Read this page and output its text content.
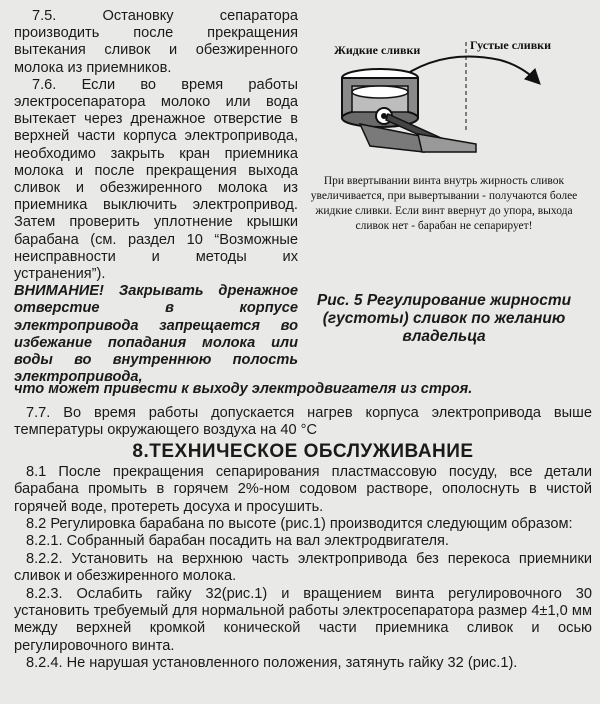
7.5. Остановку сепаратора производить после прекращения вытекания сливок и обезжиренного молока из приемников.

7.6. Если во время работы электросепаратора молоко или вода вытекает через дренажное отверстие в верхней части корпуса электропривода, необходимо закрыть кран приемника молока и после прекращения выхода сливок и обезжиренного молока из приемника выключить электропривод. Затем проверить уплотнение крышки барабана (см. раздел 10 “Возможные неисправности и методы их устранения”).

ВНИМАНИЕ! Закрывать дренажное отверстие в корпусе электропривода запрещается во избежание попадания молока или воды во внутреннюю полость электропривода,

Жидкие сливки	Густые сливки
При ввертывании винта внутрь жирность сливок увеличивается, при вывертывании - получаются более жидкие сливки. Если винт ввернут до упора, выхода сливок нет - барабан не сепарирует!
Рис. 5 Регулирование жирности (густоты) сливок по желанию владельца

что может привести к выходу электродвигателя из строя.

7.7. Во время работы допускается нагрев корпуса электропривода выше температуры окружающего воздуха на 40 °С

8.ТЕХНИЧЕСКОЕ ОБСЛУЖИВАНИЕ

8.1 После прекращения сепарирования пластмассовую посуду, все детали барабана промыть в горячем 2%-ном содовом растворе, ополоснуть в чистой горячей воде, протереть досуха и просушить.

8.2 Регулировка барабана по высоте (рис.1) производится следующим образом:

8.2.1. Собранный барабан посадить на вал электродвигателя.

8.2.2. Установить на верхнюю часть электропривода без перекоса приемники сливок и обезжиренного молока.

8.2.3. Ослабить гайку 32(рис.1) и вращением винта регулировочного 30 установить требуемый для нормальной работы электросепаратора размер 4±1,0 мм между верхней кромкой конической части приемника сливок и осью регулировочного винта.

8.2.4. Не нарушая установленного положения, затянуть гайку 32 (рис.1).
